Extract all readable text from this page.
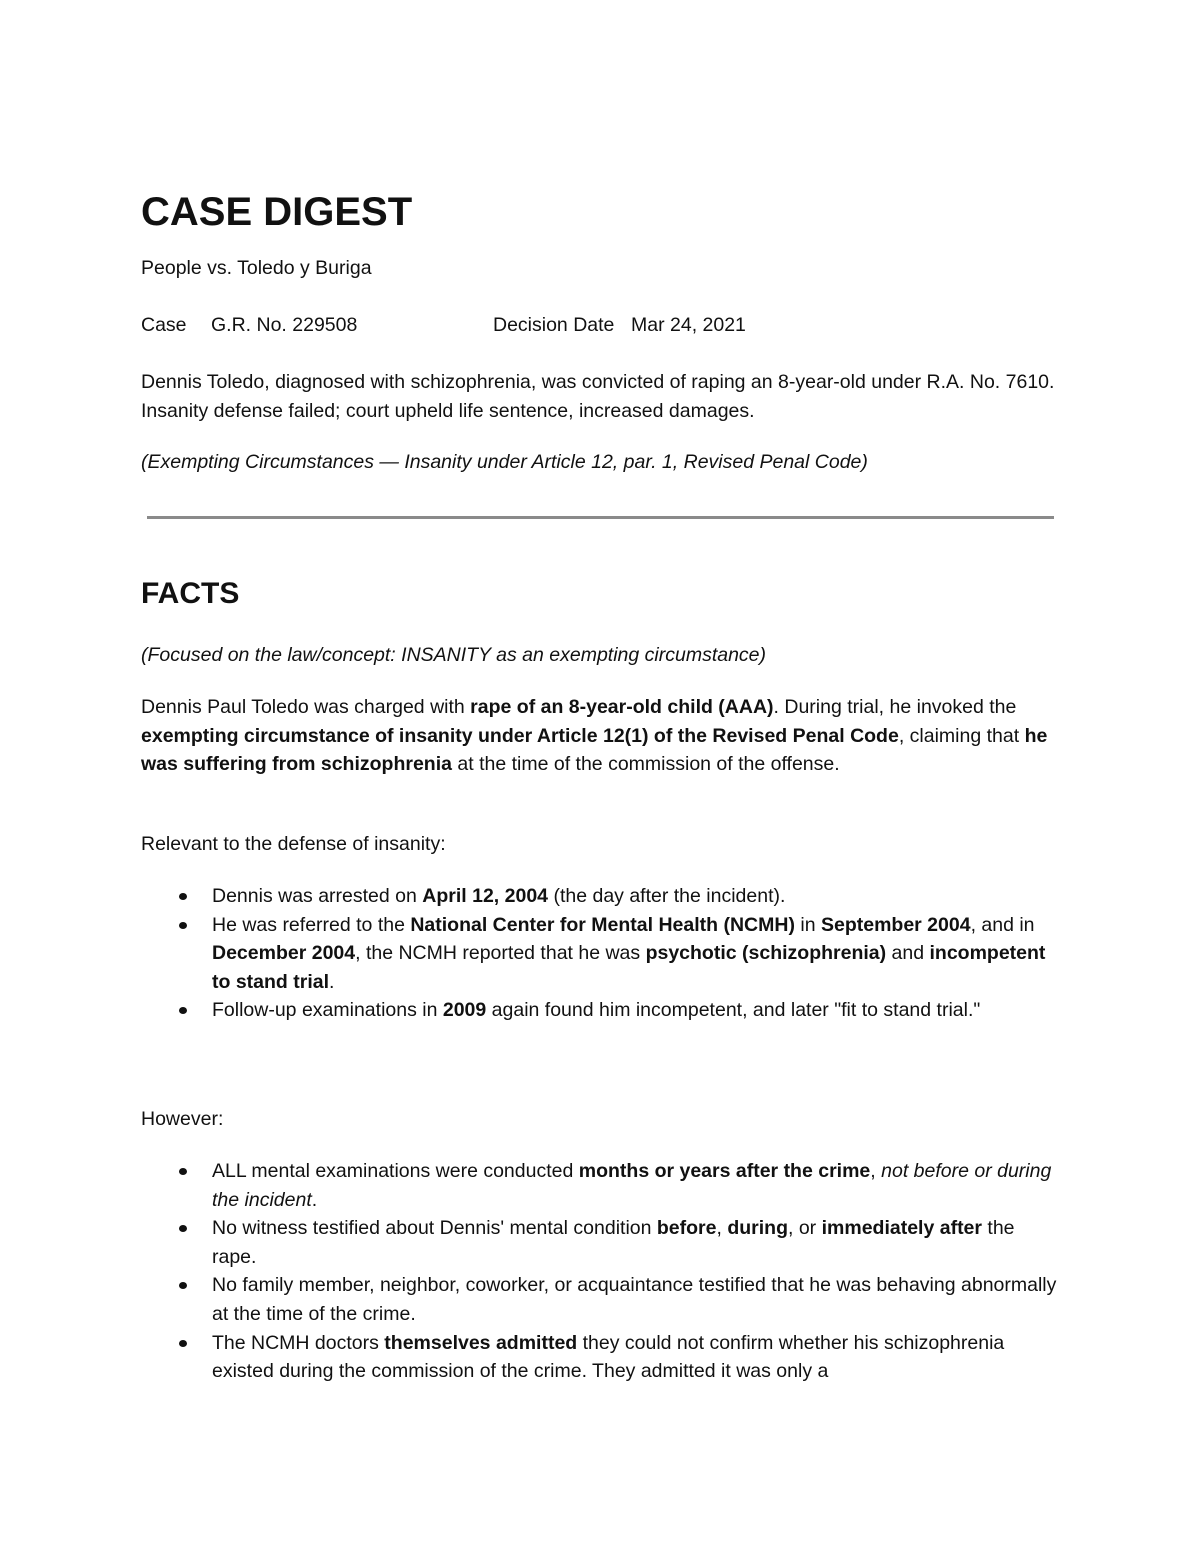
CASE DIGEST

People vs. Toledo y Buriga

Case G.R. No. 229508	Decision Date Mar 24, 2021

Dennis Toledo, diagnosed with schizophrenia, was convicted of raping an 8-year-old under R.A. No. 7610. Insanity defense failed; court upheld life sentence, increased damages.

(Exempting Circumstances — Insanity under Article 12, par. 1, Revised Penal Code)

FACTS

(Focused on the law/concept: INSANITY as an exempting circumstance)

Dennis Paul Toledo was charged with rape of an 8-year-old child (AAA). During trial, he invoked the exempting circumstance of insanity under Article 12(1) of the Revised Penal Code, claiming that he was suffering from schizophrenia at the time of the commission of the offense.

Relevant to the defense of insanity:

Dennis was arrested on April 12, 2004 (the day after the incident).
He was referred to the National Center for Mental Health (NCMH) in September 2004, and in December 2004, the NCMH reported that he was psychotic (schizophrenia) and incompetent to stand trial.
Follow-up examinations in 2009 again found him incompetent, and later "fit to stand trial."

However:

ALL mental examinations were conducted months or years after the crime, not before or during the incident.
No witness testified about Dennis' mental condition before, during, or immediately after the rape.
No family member, neighbor, coworker, or acquaintance testified that he was behaving abnormally at the time of the crime.
The NCMH doctors themselves admitted they could not confirm whether his schizophrenia existed during the commission of the crime. They admitted it was only a
